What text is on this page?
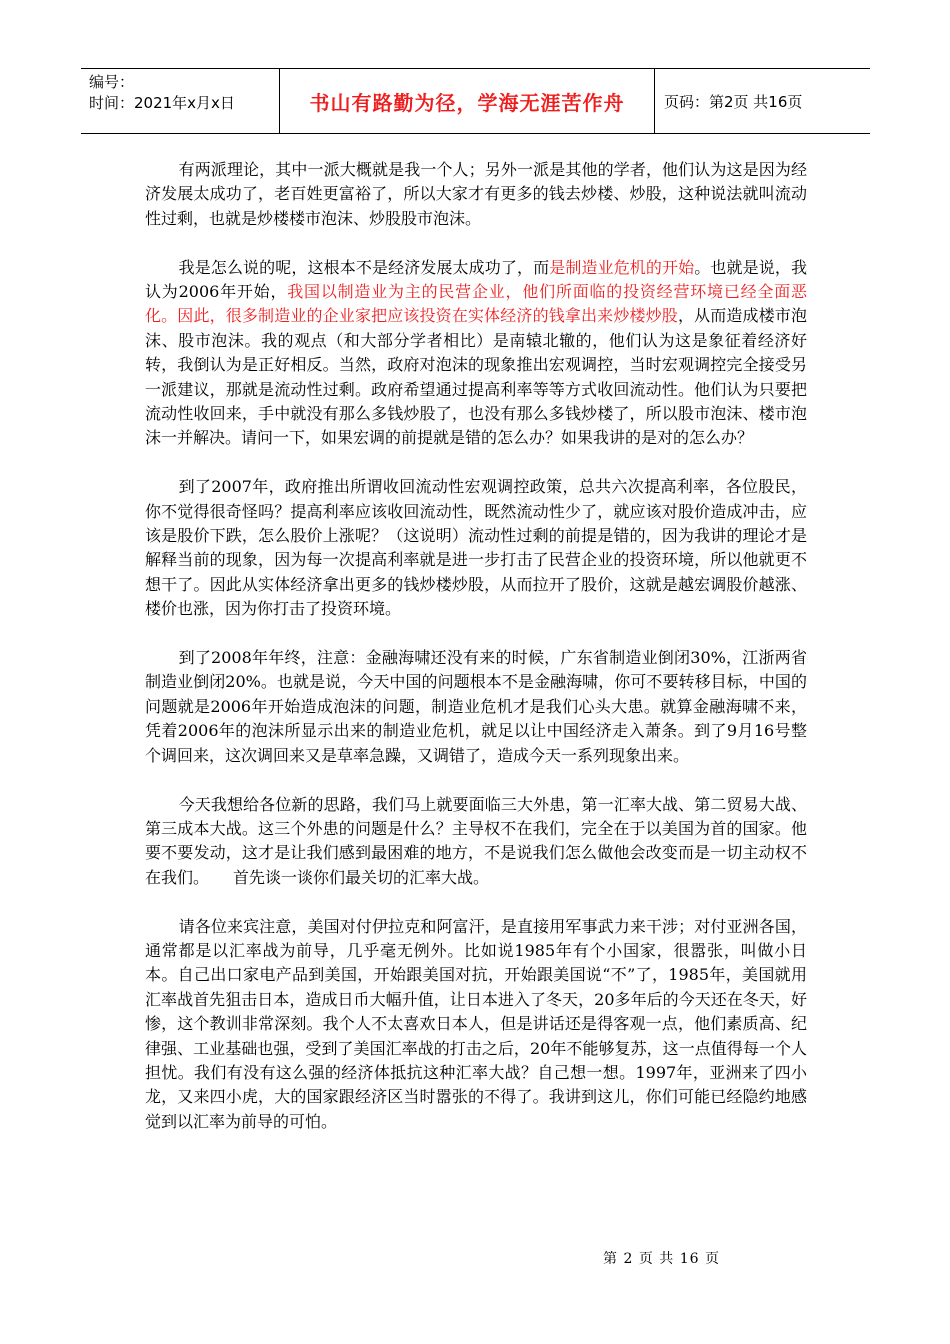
编号：
时间：2021年x月x日	书山有路勤为径，学海无涯苦作舟	页码：第2页 共16页

有两派理论，其中一派大概就是我一个人；另外一派是其他的学者，他们认为这是因为经济发展太成功了，老百姓更富裕了，所以大家才有更多的钱去炒楼、炒股，这种说法就叫流动性过剩，也就是炒楼楼市泡沫、炒股股市泡沫。

我是怎么说的呢，这根本不是经济发展太成功了，而是制造业危机的开始。也就是说，我认为2006年开始，我国以制造业为主的民营企业，他们所面临的投资经营环境已经全面恶化。因此，很多制造业的企业家把应该投资在实体经济的钱拿出来炒楼炒股，从而造成楼市泡沫、股市泡沫。我的观点（和大部分学者相比）是南辕北辙的，他们认为这是象征着经济好转，我倒认为是正好相反。当然，政府对泡沫的现象推出宏观调控，当时宏观调控完全接受另一派建议，那就是流动性过剩。政府希望通过提高利率等等方式收回流动性。他们认为只要把流动性收回来，手中就没有那么多钱炒股了，也没有那么多钱炒楼了，所以股市泡沫、楼市泡沫一并解决。请问一下，如果宏调的前提就是错的怎么办？如果我讲的是对的怎么办？

到了2007年，政府推出所谓收回流动性宏观调控政策，总共六次提高利率，各位股民，你不觉得很奇怪吗？提高利率应该收回流动性，既然流动性少了，就应该对股价造成冲击，应该是股价下跌，怎么股价上涨呢？（这说明）流动性过剩的前提是错的，因为我讲的理论才是解释当前的现象，因为每一次提高利率就是进一步打击了民营企业的投资环境，所以他就更不想干了。因此从实体经济拿出更多的钱炒楼炒股，从而拉开了股价，这就是越宏调股价越涨、楼价也涨，因为你打击了投资环境。

到了2008年年终，注意：金融海啸还没有来的时候，广东省制造业倒闭30%，江浙两省制造业倒闭20%。也就是说，今天中国的问题根本不是金融海啸，你可不要转移目标，中国的问题就是2006年开始造成泡沫的问题，制造业危机才是我们心头大患。就算金融海啸不来，凭着2006年的泡沫所显示出来的制造业危机，就足以让中国经济走入萧条。到了9月16号整个调回来，这次调回来又是草率急躁，又调错了，造成今天一系列现象出来。

今天我想给各位新的思路，我们马上就要面临三大外患，第一汇率大战、第二贸易大战、第三成本大战。这三个外患的问题是什么？主导权不在我们，完全在于以美国为首的国家。他要不要发动，这才是让我们感到最困难的地方，不是说我们怎么做他会改变而是一切主动权不在我们。　　首先谈一谈你们最关切的汇率大战。

请各位来宾注意，美国对付伊拉克和阿富汗，是直接用军事武力来干涉；对付亚洲各国，通常都是以汇率战为前导，几乎毫无例外。比如说1985年有个小国家，很嚣张，叫做小日本。自己出口家电产品到美国，开始跟美国对抗，开始跟美国说“不”了，1985年，美国就用汇率战首先狙击日本，造成日币大幅升值，让日本进入了冬天，20多年后的今天还在冬天，好惨，这个教训非常深刻。我个人不太喜欢日本人，但是讲话还是得客观一点，他们素质高、纪律强、工业基础也强，受到了美国汇率战的打击之后，20年不能够复苏，这一点值得每一个人担忧。我们有没有这么强的经济体抵抗这种汇率大战？自己想一想。1997年，亚洲来了四小龙，又来四小虎，大的国家跟经济区当时嚣张的不得了。我讲到这儿，你们可能已经隐约地感觉到以汇率为前导的可怕。

第 2 页 共 16 页
